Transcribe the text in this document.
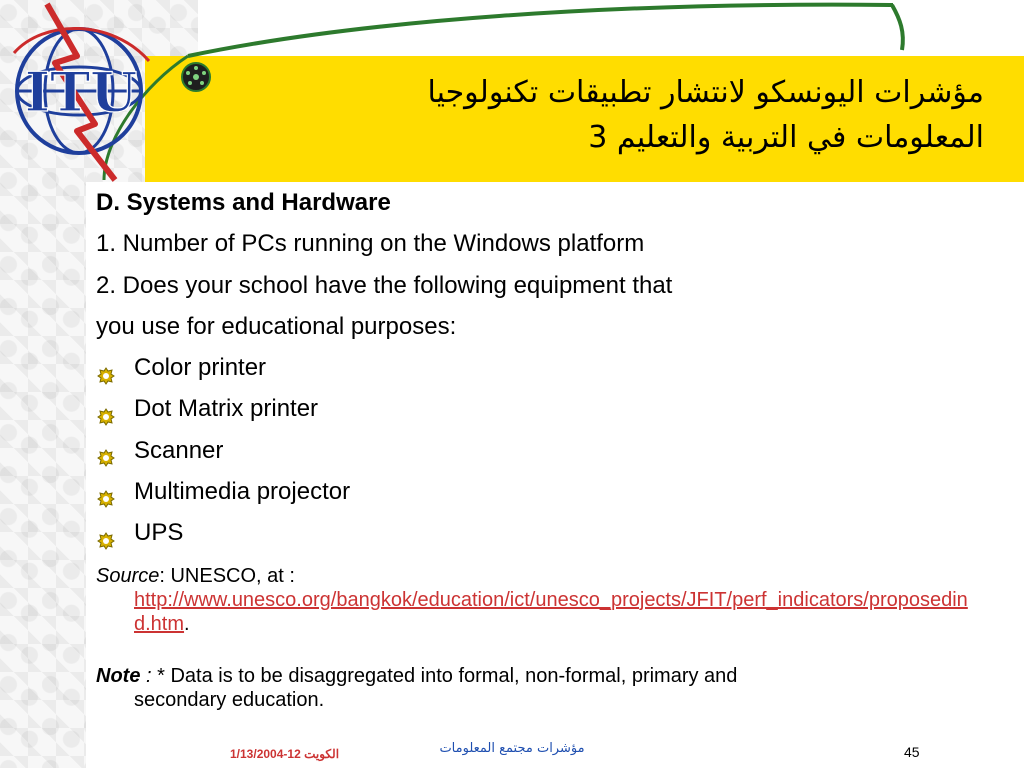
ITU	مؤشرات اليونسكو لانتشار تطبيقات تكنولوجيا
المعلومات في التربية والتعليم 3

D. Systems and Hardware

1. Number of PCs running on the Windows platform

2. Does your school have the following equipment that

you use for educational purposes:

Color printer
Dot Matrix printer
Scanner
Multimedia projector
UPS

Source: UNESCO, at :

http://www.unesco.org/bangkok/education/ict/unesco_projects/JFIT/perf_indicators/proposedind.htm.

Note : * Data is to be disaggregated into formal, non-formal, primary and

secondary education.
الكويت 12-1/13/2004	مؤشرات مجتمع المعلومات	45
